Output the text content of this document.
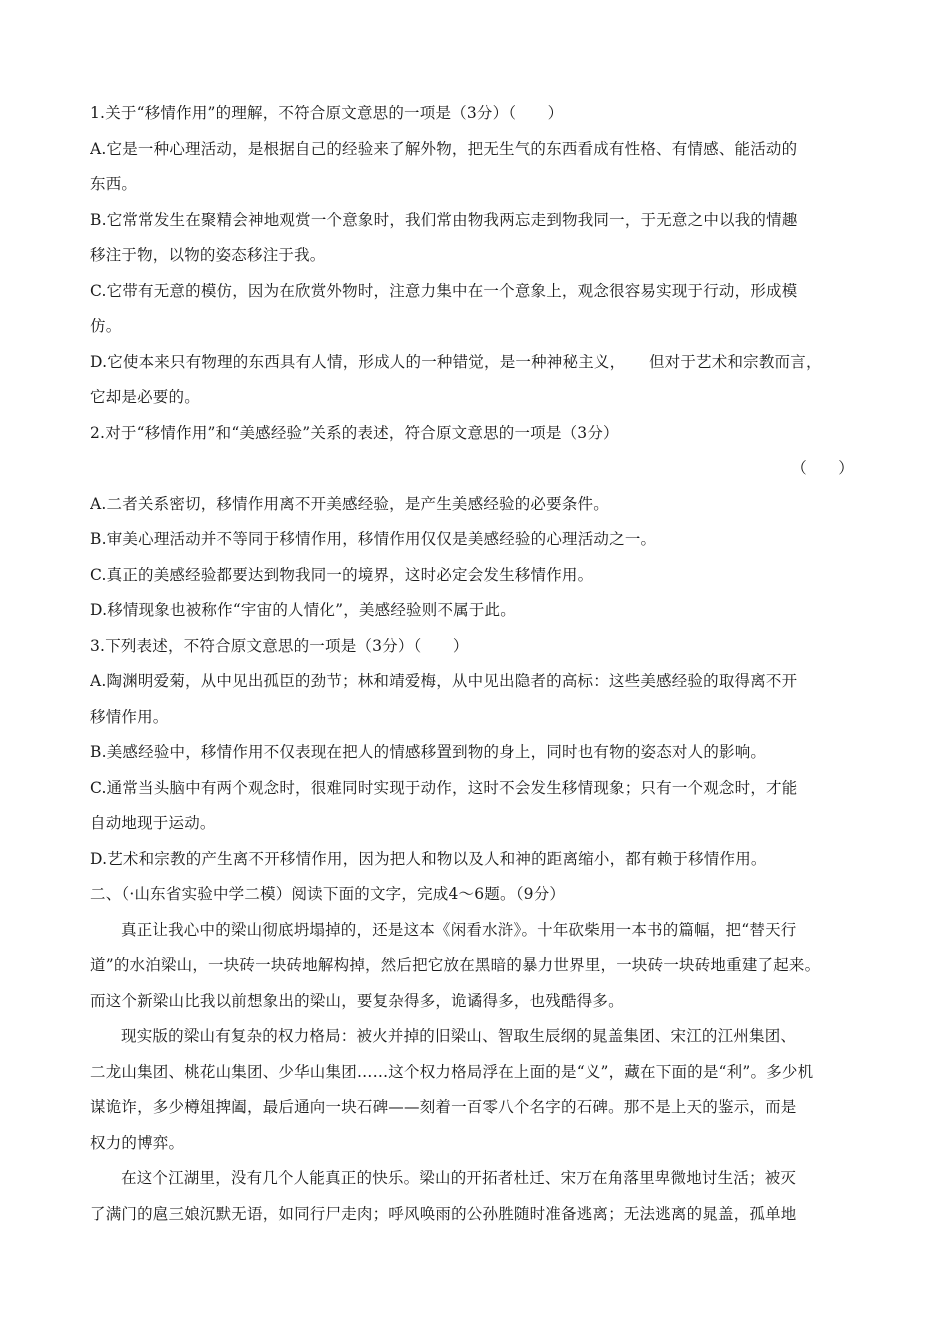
1.关于“移情作用”的理解，不符合原文意思的一项是（3分）（　　）
A.它是一种心理活动，是根据自己的经验来了解外物，把无生气的东西看成有性格、有情感、能活动的
东西。
B.它常常发生在聚精会神地观赏一个意象时，我们常由物我两忘走到物我同一，于无意之中以我的情趣
移注于物，以物的姿态移注于我。
C.它带有无意的模仿，因为在欣赏外物时，注意力集中在一个意象上，观念很容易实现于行动，形成模
仿。
D.它使本来只有物理的东西具有人情，形成人的一种错觉，是一种神秘主义，　　但对于艺术和宗教而言，
它却是必要的。
2.对于“移情作用”和“美感经验”关系的表述，符合原文意思的一项是（3分）
（　　）
A.二者关系密切，移情作用离不开美感经验，是产生美感经验的必要条件。
B.审美心理活动并不等同于移情作用，移情作用仅仅是美感经验的心理活动之一。
C.真正的美感经验都要达到物我同一的境界，这时必定会发生移情作用。
D.移情现象也被称作“宇宙的人情化”，美感经验则不属于此。
3.下列表述，不符合原文意思的一项是（3分）（　　）
A.陶渊明爱菊，从中见出孤臣的劲节；林和靖爱梅，从中见出隐者的高标：这些美感经验的取得离不开
移情作用。
B.美感经验中，移情作用不仅表现在把人的情感移置到物的身上，同时也有物的姿态对人的影响。
C.通常当头脑中有两个观念时，很难同时实现于动作，这时不会发生移情现象；只有一个观念时，才能
自动地现于运动。
D.艺术和宗教的产生离不开移情作用，因为把人和物以及人和神的距离缩小，都有赖于移情作用。
二、（·山东省实验中学二模）阅读下面的文字，完成4～6题。（9分）
真正让我心中的梁山彻底坍塌掉的，还是这本《闲看水浒》。十年砍柴用一本书的篇幅，把“替天行
道”的水泊梁山，一块砖一块砖地解构掉，然后把它放在黑暗的暴力世界里，一块砖一块砖地重建了起来。
而这个新梁山比我以前想象出的梁山，要复杂得多，诡谲得多，也残酷得多。
现实版的梁山有复杂的权力格局：被火并掉的旧梁山、智取生辰纲的晁盖集团、宋江的江州集团、
二龙山集团、桃花山集团、少华山集团……这个权力格局浮在上面的是“义”，藏在下面的是“利”。多少机
谋诡诈，多少樽俎捭阖，最后通向一块石碑——刻着一百零八个名字的石碑。那不是上天的鉴示，而是
权力的博弈。
在这个江湖里，没有几个人能真正的快乐。梁山的开拓者杜迁、宋万在角落里卑微地讨生活；被灭
了满门的扈三娘沉默无语，如同行尸走肉；呼风唤雨的公孙胜随时准备逃离；无法逃离的晁盖，孤单地
